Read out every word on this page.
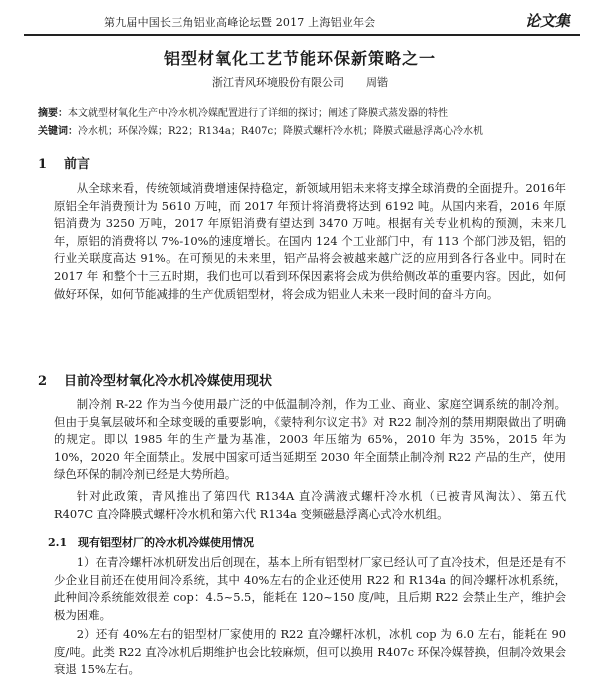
第九届中国长三角铝业高峰论坛暨 2017 上海铝业年会	论文集
铝型材氧化工艺节能环保新策略之一
浙江青风环境股份有限公司 周锴
摘要：本文就型材氧化生产中冷水机冷媒配置进行了详细的探讨；阐述了降膜式蒸发器的特性
关键词：冷水机；环保冷媒；R22；R134a；R407c；降膜式螺杆冷水机；降膜式磁悬浮离心冷水机
1 前言

从全球来看，传统领域消费增速保持稳定，新领域用铝未来将支撑全球消费的全面提升。2016年原铝全年消费预计为 5610 万吨，而 2017 年预计将消费将达到 6192 吨。从国内来看，2016 年原铝消费为 3250 万吨，2017 年原铝消费有望达到 3470 万吨。根据有关专业机构的预测，未来几年，原铝的消费将以 7%-10%的速度增长。在国内 124 个工业部门中，有 113 个部门涉及铝，铝的行业关联度高达 91%。在可预见的未来里，铝产品将会被越来越广泛的应用到各行各业中。同时在 2017 年 和整个十三五时期，我们也可以看到环保因素将会成为供给侧改革的重要内容。因此，如何做好环保，如何节能减排的生产优质铝型材，将会成为铝业人未来一段时间的奋斗方向。

2 目前冷型材氧化冷水机冷媒使用现状

制冷剂 R-22 作为当今使用最广泛的中低温制冷剂，作为工业、商业、家庭空调系统的制冷剂。但由于臭氧层破坏和全球变暖的重要影响，《蒙特利尔议定书》对 R22 制冷剂的禁用期限做出了明确的规定。即以 1985 年的生产量为基准，2003 年压缩为 65%，2010 年为 35%，2015 年为 10%，2020 年全面禁止。发展中国家可适当延期至 2030 年全面禁止制冷剂 R22 产品的生产，使用绿色环保的制冷剂已经是大势所趋。

针对此政策，青风推出了第四代 R134A 直冷满液式螺杆冷水机（已被青风淘汰）、第五代 R407C 直冷降膜式螺杆冷水机和第六代 R134a 变频磁悬浮离心式冷水机组。

2.1 现有铝型材厂的冷水机冷媒使用情况

1）在青冷螺杆冰机研发出后创现在，基本上所有铝型材厂家已经认可了直冷技术，但是还是有不少企业目前还在使用间冷系统，其中 40%左右的企业还使用 R22 和 R134a 的间冷螺杆冰机系统，此种间冷系统能效很差 cop：4.5~5.5，能耗在 120~150 度/吨，且后期 R22 会禁止生产，维护会极为困难。

2）还有 40%左右的铝型材厂家使用的 R22 直冷螺杆冰机，冰机 cop 为 6.0 左右，能耗在 90 度/吨。此类 R22 直冷冰机后期维护也会比较麻烦，但可以换用 R407c 环保冷媒替换，但制冷效果会衰退 15%左右。
